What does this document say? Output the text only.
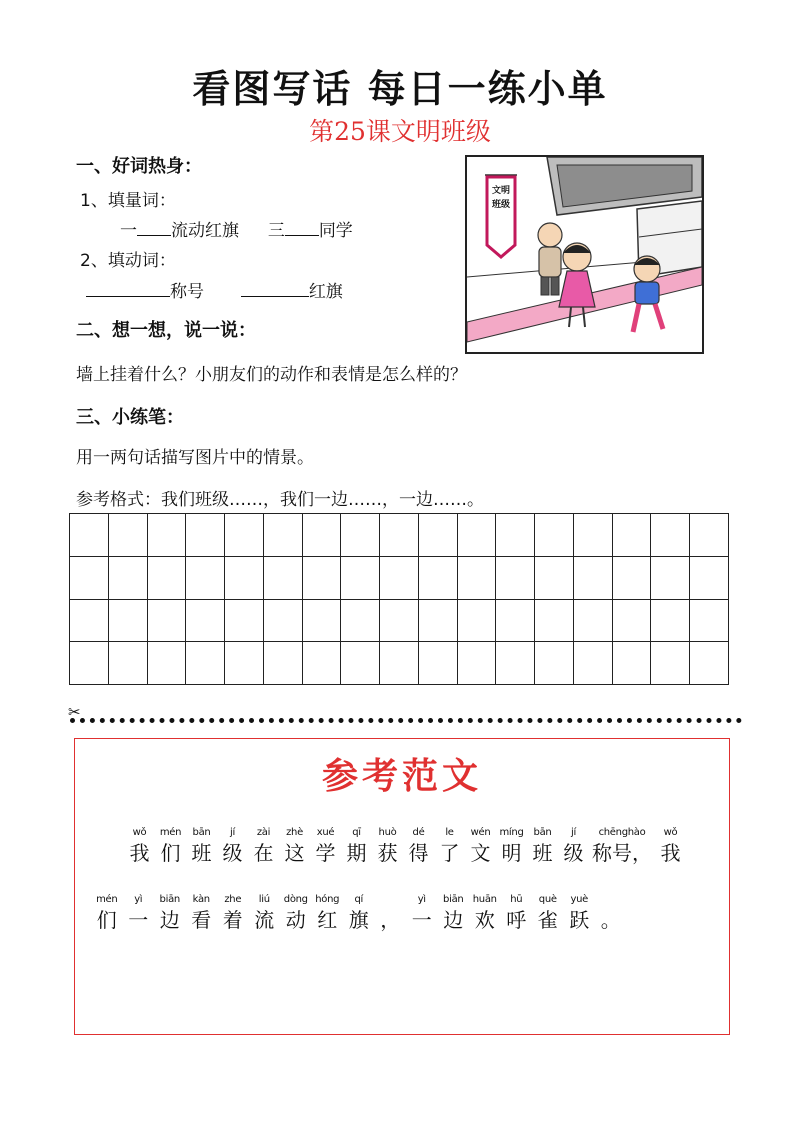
看图写话 每日一练小单
第25课文明班级
一、好词热身：
1、填量词：
一 流动红旗 三 同学
2、填动词：
称号	红旗
文明
班级
二、想一想，说一说：
墙上挂着什么？小朋友们的动作和表情是怎么样的？
三、小练笔：
用一两句话描写图片中的情景。
参考格式：我们班级……，我们一边……，一边……。

✂
参考范文
wǒ
我
mén
们
bān
班
jí
级
zài
在
zhè
这
xué
学
qī
期
huò
获
dé
得
le
了
wén
文
míng
明
bān
班
jí
级
chēnghào
称号，
wǒ
我
mén
们
yì
一
biān
边
kàn
看
zhe
着
liú
流
dòng
动
hóng
红
qí
旗 ，
yì
一
biān
边
huān
欢
hū
呼
què
雀
yuè
跃 。
